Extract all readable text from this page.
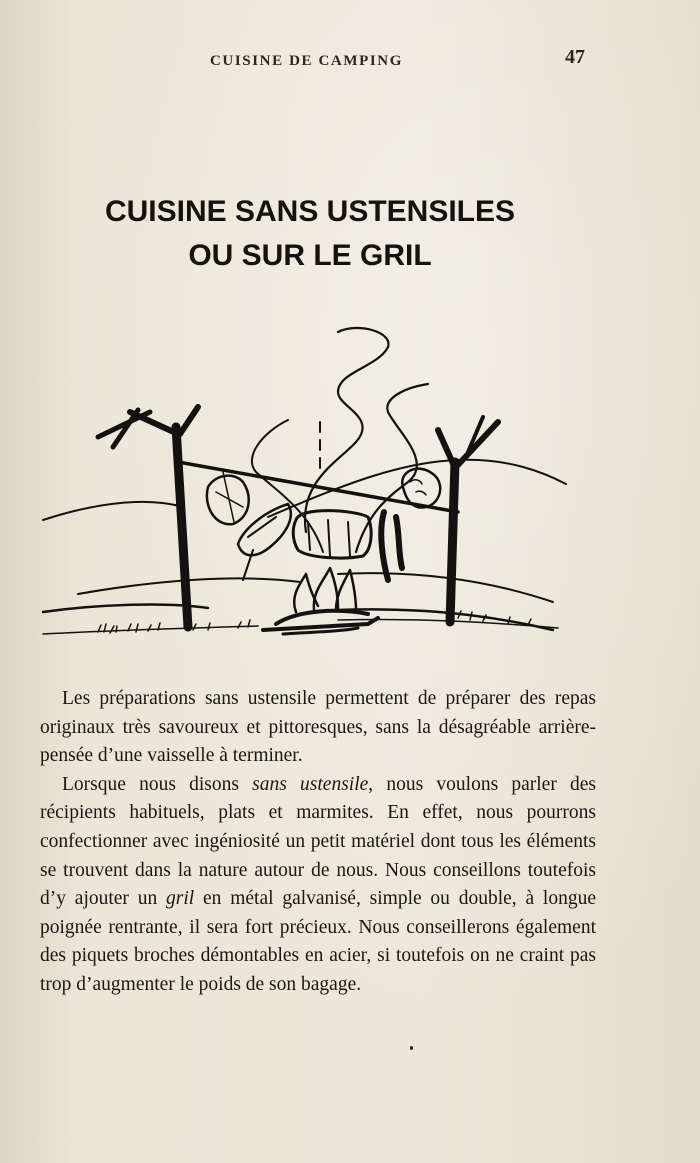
CUISINE DE CAMPING	47
CUISINE SANS USTENSILES
OU SUR LE GRIL

Les préparations sans ustensile permettent de préparer des repas originaux très savoureux et pittoresques, sans la désagréable arrière-pensée d’une vaisselle à terminer.

Lorsque nous disons sans ustensile, nous voulons parler des récipients habituels, plats et marmites. En effet, nous pourrons confectionner avec ingéniosité un petit matériel dont tous les éléments se trouvent dans la nature autour de nous. Nous conseillons toutefois d’y ajouter un gril en métal galvanisé, simple ou double, à longue poignée rentrante, il sera fort précieux. Nous conseillerons également des piquets broches démontables en acier, si toutefois on ne craint pas trop d’augmenter le poids de son bagage.
